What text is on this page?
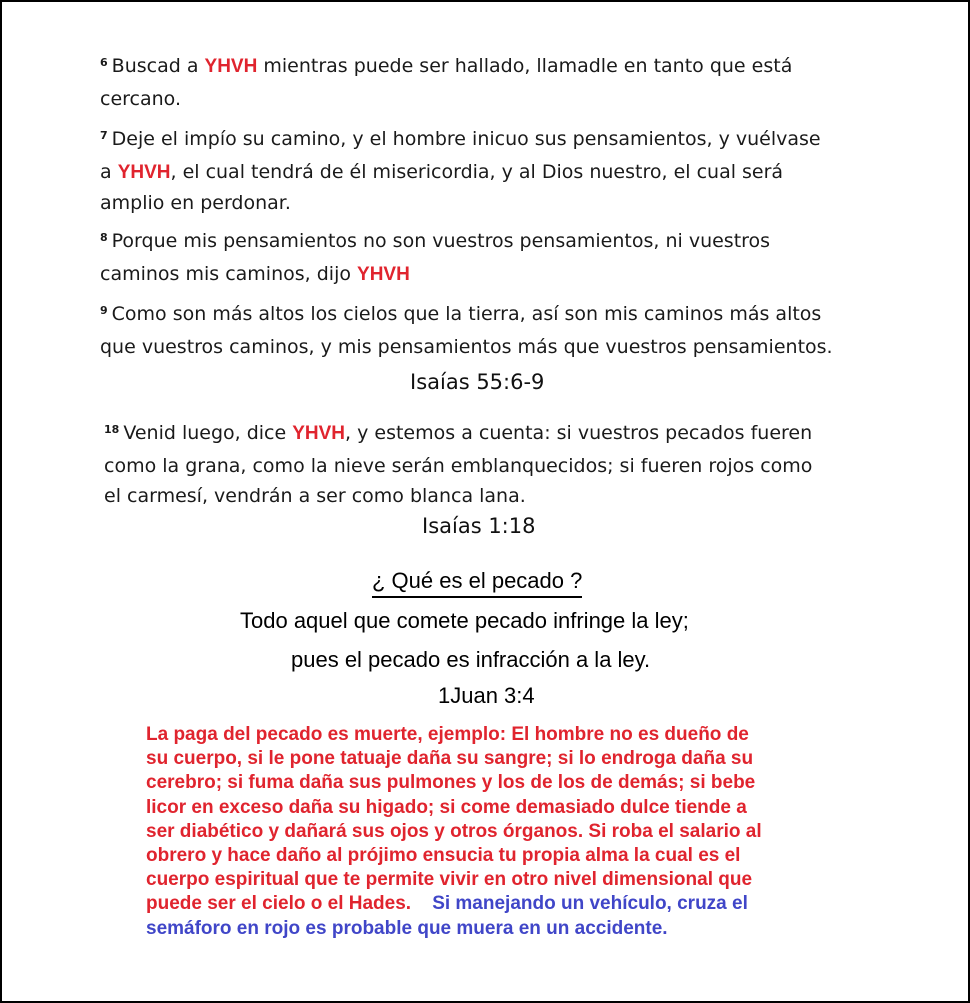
$^6$ Buscad a YHVH mientras puede ser hallado, llamadle en tanto que está
cercano.
$^7$ Deje el impío su camino, y el hombre inicuo sus pensamientos, y vuélvase
a YHVH, el cual tendrá de él misericordia, y al Dios nuestro, el cual será
amplio en perdonar.
$^8$ Porque mis pensamientos no son vuestros pensamientos, ni vuestros
caminos mis caminos, dijo YHVH
$^9$ Como son más altos los cielos que la tierra, así son mis caminos más altos
que vuestros caminos, y mis pensamientos más que vuestros pensamientos.
Isaías 55:6-9
$^{18}$ Venid luego, dice YHVH, y estemos a cuenta: si vuestros pecados fueren
como la grana, como la nieve serán emblanquecidos; si fueren rojos como
el carmesí, vendrán a ser como blanca lana.
Isaías 1:18
¿ Qué es el pecado ?
Todo aquel que comete pecado infringe la ley;
pues el pecado es infracción a la ley.
1Juan 3:4
La paga del pecado es muerte, ejemplo: El hombre no es dueño de
su cuerpo, si le pone tatuaje daña su sangre; si lo endroga daña su
cerebro; si fuma daña sus pulmones y los de los de demás; si bebe
licor en exceso daña su higado; si come demasiado dulce tiende a
ser diabético y dañará sus ojos y otros órganos. Si roba el salario al
obrero y hace daño al prójimo ensucia tu propia alma la cual es el
cuerpo espiritual que te permite vivir en otro nivel dimensional que
puede ser el cielo o el Hades. Si manejando un vehículo, cruza el
semáforo en rojo es probable que muera en un accidente.
